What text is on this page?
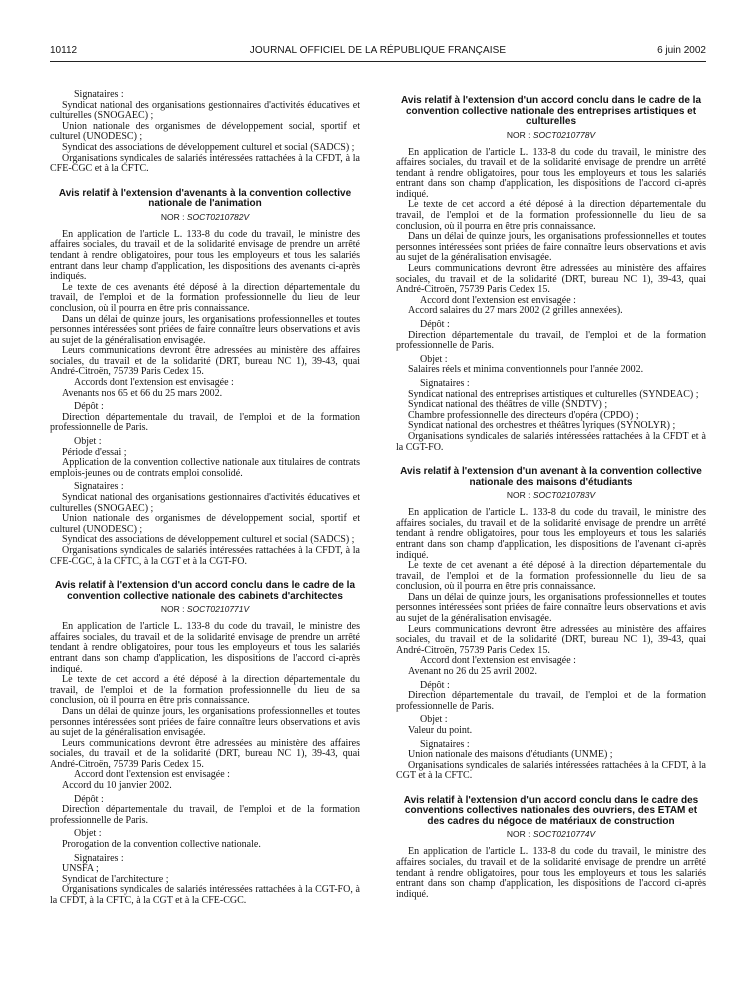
10112	JOURNAL OFFICIEL DE LA RÉPUBLIQUE FRANÇAISE	6 juin 2002

Signataires :

Syndicat national des organisations gestionnaires d'activités éducatives et culturelles (SNOGAEC) ;

Union nationale des organismes de développement social, sportif et culturel (UNODESC) ;

Syndicat des associations de développement culturel et social (SADCS) ;

Organisations syndicales de salariés intéressées rattachées à la CFDT, à la CFE-CGC et à la CFTC.

Avis relatif à l'extension d'avenants à la convention collective nationale de l'animation
NOR : SOCT0210782V

En application de l'article L. 133-8 du code du travail, le ministre des affaires sociales, du travail et de la solidarité envisage de prendre un arrêté tendant à rendre obligatoires, pour tous les employeurs et tous les salariés entrant dans leur champ d'application, les dispositions des avenants ci-après indiqués.

Le texte de ces avenants été déposé à la direction départementale du travail, de l'emploi et de la formation professionnelle du lieu de leur conclusion, où il pourra en être pris connaissance.

Dans un délai de quinze jours, les organisations professionnelles et toutes personnes intéressées sont priées de faire connaître leurs observations et avis au sujet de la généralisation envisagée.

Leurs communications devront être adressées au ministère des affaires sociales, du travail et de la solidarité (DRT, bureau NC 1), 39-43, quai André-Citroën, 75739 Paris Cedex 15.

Accords dont l'extension est envisagée :

Avenants nos 65 et 66 du 25 mars 2002.

Dépôt :

Direction départementale du travail, de l'emploi et de la formation professionnelle de Paris.

Objet :

Période d'essai ;

Application de la convention collective nationale aux titulaires de contrats emplois-jeunes ou de contrats emploi consolidé.

Signataires :

Syndicat national des organisations gestionnaires d'activités éducatives et culturelles (SNOGAEC) ;

Union nationale des organismes de développement social, sportif et culturel (UNODESC) ;

Syndicat des associations de développement culturel et social (SADCS) ;

Organisations syndicales de salariés intéressées rattachées à la CFDT, à la CFE-CGC, à la CFTC, à la CGT et à la CGT-FO.

Avis relatif à l'extension d'un accord conclu dans le cadre de la convention collective nationale des cabinets d'architectes
NOR : SOCT0210771V

En application de l'article L. 133-8 du code du travail, le ministre des affaires sociales, du travail et de la solidarité envisage de prendre un arrêté tendant à rendre obligatoires, pour tous les employeurs et tous les salariés entrant dans son champ d'application, les dispositions de l'accord ci-après indiqué.

Le texte de cet accord a été déposé à la direction départementale du travail, de l'emploi et de la formation professionnelle du lieu de sa conclusion, où il pourra en être pris connaissance.

Dans un délai de quinze jours, les organisations professionnelles et toutes personnes intéressées sont priées de faire connaître leurs observations et avis au sujet de la généralisation envisagée.

Leurs communications devront être adressées au ministère des affaires sociales, du travail et de la solidarité (DRT, bureau NC 1), 39-43, quai André-Citroën, 75739 Paris Cedex 15.

Accord dont l'extension est envisagée :

Accord du 10 janvier 2002.

Dépôt :

Direction départementale du travail, de l'emploi et de la formation professionnelle de Paris.

Objet :

Prorogation de la convention collective nationale.

Signataires :

UNSFA ;

Syndicat de l'architecture ;

Organisations syndicales de salariés intéressées rattachées à la CGT-FO, à la CFDT, à la CFTC, à la CGT et à la CFE-CGC.

Avis relatif à l'extension d'un accord conclu dans le cadre de la convention collective nationale des entreprises artistiques et culturelles
NOR : SOCT0210778V

En application de l'article L. 133-8 du code du travail, le ministre des affaires sociales, du travail et de la solidarité envisage de prendre un arrêté tendant à rendre obligatoires, pour tous les employeurs et tous les salariés entrant dans son champ d'application, les dispositions de l'accord ci-après indiqué.

Le texte de cet accord a été déposé à la direction départementale du travail, de l'emploi et de la formation professionnelle du lieu de sa conclusion, où il pourra en être pris connaissance.

Dans un délai de quinze jours, les organisations professionnelles et toutes personnes intéressées sont priées de faire connaître leurs observations et avis au sujet de la généralisation envisagée.

Leurs communications devront être adressées au ministère des affaires sociales, du travail et de la solidarité (DRT, bureau NC 1), 39-43, quai André-Citroën, 75739 Paris Cedex 15.

Accord dont l'extension est envisagée :

Accord salaires du 27 mars 2002 (2 grilles annexées).

Dépôt :

Direction départementale du travail, de l'emploi et de la formation professionnelle de Paris.

Objet :

Salaires réels et minima conventionnels pour l'année 2002.

Signataires :

Syndicat national des entreprises artistiques et culturelles (SYNDEAC) ;

Syndicat national des théâtres de ville (SNDTV) ;

Chambre professionnelle des directeurs d'opéra (CPDO) ;

Syndicat national des orchestres et théâtres lyriques (SYNOLYR) ;

Organisations syndicales de salariés intéressées rattachées à la CFDT et à la CGT-FO.

Avis relatif à l'extension d'un avenant à la convention collective nationale des maisons d'étudiants
NOR : SOCT0210783V

En application de l'article L. 133-8 du code du travail, le ministre des affaires sociales, du travail et de la solidarité envisage de prendre un arrêté tendant à rendre obligatoires, pour tous les employeurs et tous les salariés entrant dans son champ d'application, les dispositions de l'avenant ci-après indiqué.

Le texte de cet avenant a été déposé à la direction départementale du travail, de l'emploi et de la formation professionnelle du lieu de sa conclusion, où il pourra en être pris connaissance.

Dans un délai de quinze jours, les organisations professionnelles et toutes personnes intéressées sont priées de faire connaître leurs observations et avis au sujet de la généralisation envisagée.

Leurs communications devront être adressées au ministère des affaires sociales, du travail et de la solidarité (DRT, bureau NC 1), 39-43, quai André-Citroën, 75739 Paris Cedex 15.

Accord dont l'extension est envisagée :

Avenant no 26 du 25 avril 2002.

Dépôt :

Direction départementale du travail, de l'emploi et de la formation professionnelle de Paris.

Objet :

Valeur du point.

Signataires :

Union nationale des maisons d'étudiants (UNME) ;

Organisations syndicales de salariés intéressées rattachées à la CFDT, à la CGT et à la CFTC.

Avis relatif à l'extension d'un accord conclu dans le cadre des conventions collectives nationales des ouvriers, des ETAM et des cadres du négoce de matériaux de construction
NOR : SOCT0210774V

En application de l'article L. 133-8 du code du travail, le ministre des affaires sociales, du travail et de la solidarité envisage de prendre un arrêté tendant à rendre obligatoires, pour tous les employeurs et tous les salariés entrant dans son champ d'application, les dispositions de l'accord ci-après indiqué.
